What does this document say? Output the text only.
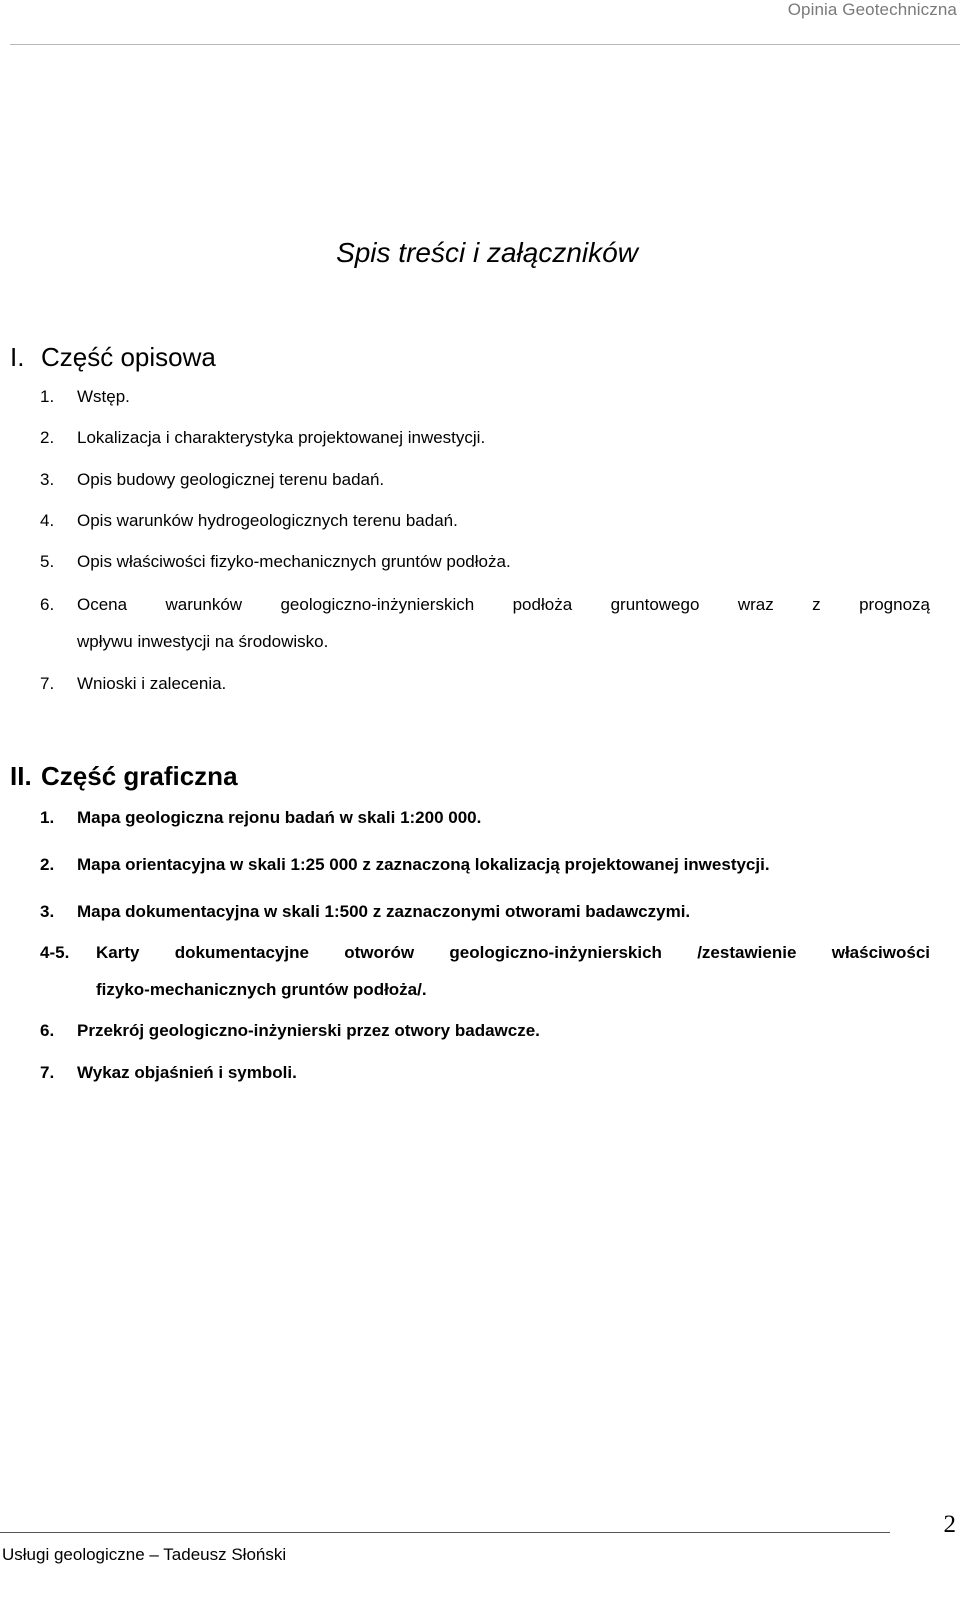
Opinia Geotechniczna
Spis treści i załączników
I. Część opisowa
1. Wstęp.
2. Lokalizacja i charakterystyka projektowanej inwestycji.
3. Opis budowy geologicznej terenu badań.
4. Opis warunków hydrogeologicznych terenu badań.
5. Opis właściwości fizyko-mechanicznych gruntów podłoża.
6. Ocena warunków geologiczno-inżynierskich podłoża gruntowego wraz z prognozą
wpływu inwestycji na środowisko.
7. Wnioski i zalecenia.
II. Część graficzna
1. Mapa geologiczna rejonu badań w skali 1:200 000.
2. Mapa orientacyjna w skali 1:25 000 z zaznaczoną lokalizacją projektowanej inwestycji.
3. Mapa dokumentacyjna w skali 1:500 z zaznaczonymi otworami badawczymi.
4-5. Karty dokumentacyjne otworów geologiczno-inżynierskich /zestawienie właściwości
fizyko-mechanicznych gruntów podłoża/.
6. Przekrój geologiczno-inżynierski przez otwory badawcze.
7. Wykaz objaśnień i symboli.
Usługi geologiczne – Tadeusz Słoński
2
